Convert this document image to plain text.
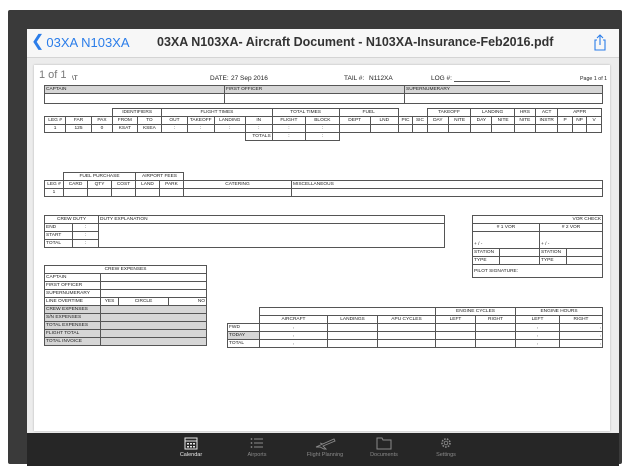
❮ 03XA N103XA 03XA N103XA- Aircraft Document - N103XA-Insurance-Feb2016.pdf
1 of 1 \T	DATE: 27 Sep 2016	TAIL #: N112XA	LOG #:	Page 1 of 1
CAPTAIN	FIRST OFFICER	SUPERNUMERARY

			IDENTIFIERS		FLIGHT TIMES				TOTAL TIMES		FUEL				TAKEOFF		LANDING		HRS	ACT	APPR		
LEG #	FAR	PAX	FROM	TO	OUT	TAKEOFF	LANDING	IN	FLIGHT	BLOCK	DEPT	LND	PIC	SIC	DAY	NITE	DAY	NITE	NITE	INSTR	P	NP	V
1	125	0	KSAT	KSEA	:	:	:	:	:	:													
								TOTALS	:	:													
	FUEL PURCHASE			AIRPORT FEES			
LEG #	CARD	QTY	COST	LAND	PARK	CATERING	MISCELLANEOUS
1							
CREW DUTY		DUTY EXPLANATION
END	:	
START	:	
TOTAL	:	
VOR CHECK			
# 1 VOR		# 2 VOR	

+ / -		+ / -	
STATION		STATION	
TYPE		TYPE	
PILOT SIGNATURE:			
CREW EXPENSES			
CAPTAIN			
FIRST OFFICER			
SUPERNUMERARY			
LINE OVERTIME	YES	CIRCLE	NO
CREW EXPENSES			
S/N EXPENSES			
TOTAL EXPENSES			
FLIGHT TOTAL			
TOTAL INVOICE			
				ENGINE CYCLES		ENGINE HOURS	
	AIRCRAFT	LANDINGS	APU CYCLES	LEFT	RIGHT	LEFT	RIGHT
FWD	,					,	,
TODAY	,					,	,
TOTAL	,					,	,
Calendar	Airports	Flight Planning	Documents	Settings
